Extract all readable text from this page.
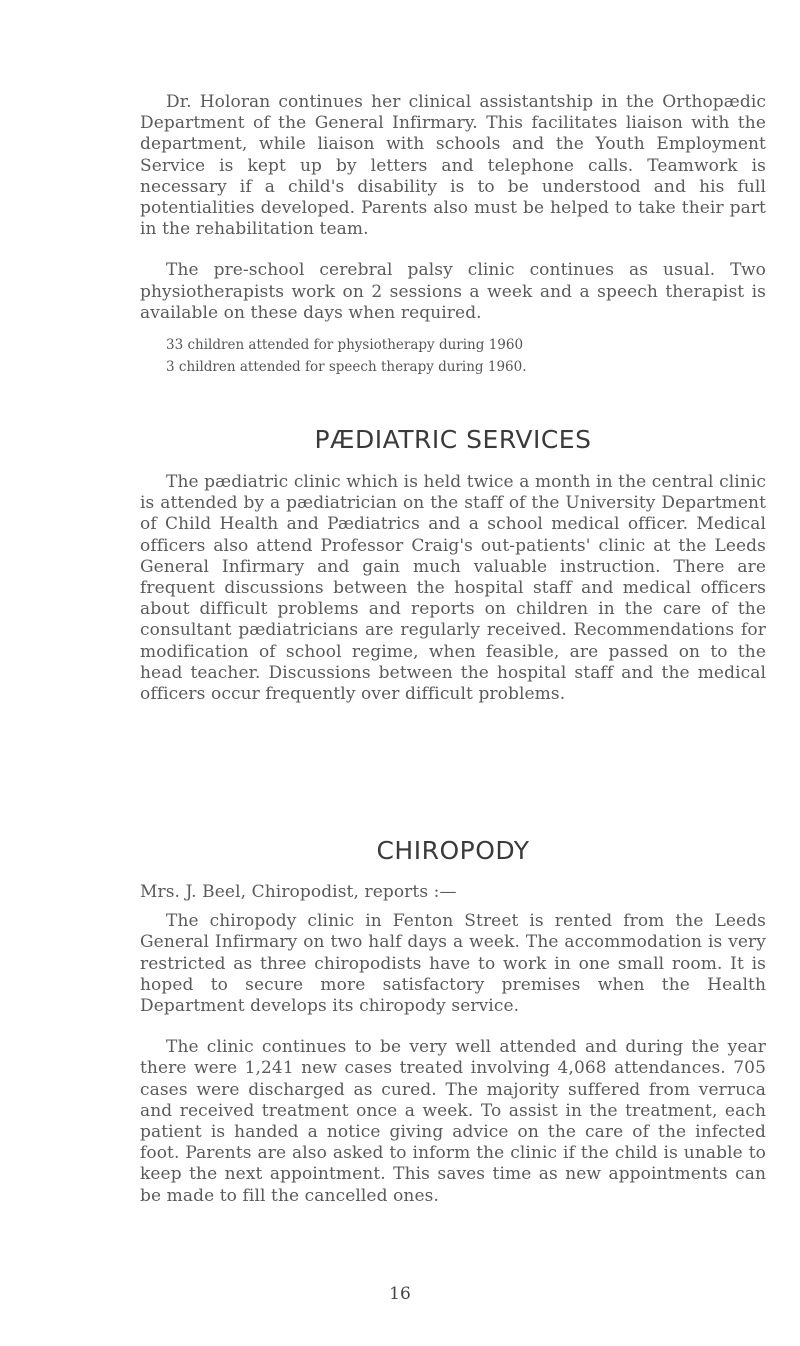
Dr. Holoran continues her clinical assistantship in the Orthopædic Department of the General Infirmary. This facilitates liaison with the department, while liaison with schools and the Youth Employment Service is kept up by letters and telephone calls. Teamwork is necessary if a child's disability is to be understood and his full potentialities developed. Parents also must be helped to take their part in the rehabilitation team.

The pre-school cerebral palsy clinic continues as usual. Two physiotherapists work on 2 sessions a week and a speech therapist is available on these days when required.

33 children attended for physiotherapy during 1960

3 children attended for speech therapy during 1960.

PÆDIATRIC SERVICES

The pædiatric clinic which is held twice a month in the central clinic is attended by a pædiatrician on the staff of the University Department of Child Health and Pædiatrics and a school medical officer. Medical officers also attend Professor Craig's out-patients' clinic at the Leeds General Infirmary and gain much valuable instruction. There are frequent discussions between the hospital staff and medical officers about difficult problems and reports on children in the care of the consultant pædiatricians are regularly received. Recommendations for modification of school regime, when feasible, are passed on to the head teacher. Discussions between the hospital staff and the medical officers occur frequently over difficult problems.

CHIROPODY

Mrs. J. Beel, Chiropodist, reports :—

The chiropody clinic in Fenton Street is rented from the Leeds General Infirmary on two half days a week. The accommodation is very restricted as three chiropodists have to work in one small room. It is hoped to secure more satisfactory premises when the Health Department develops its chiropody service.

The clinic continues to be very well attended and during the year there were 1,241 new cases treated involving 4,068 attendances. 705 cases were discharged as cured. The majority suffered from verruca and received treatment once a week. To assist in the treatment, each patient is handed a notice giving advice on the care of the infected foot. Parents are also asked to inform the clinic if the child is unable to keep the next appointment. This saves time as new appointments can be made to fill the cancelled ones.

16
